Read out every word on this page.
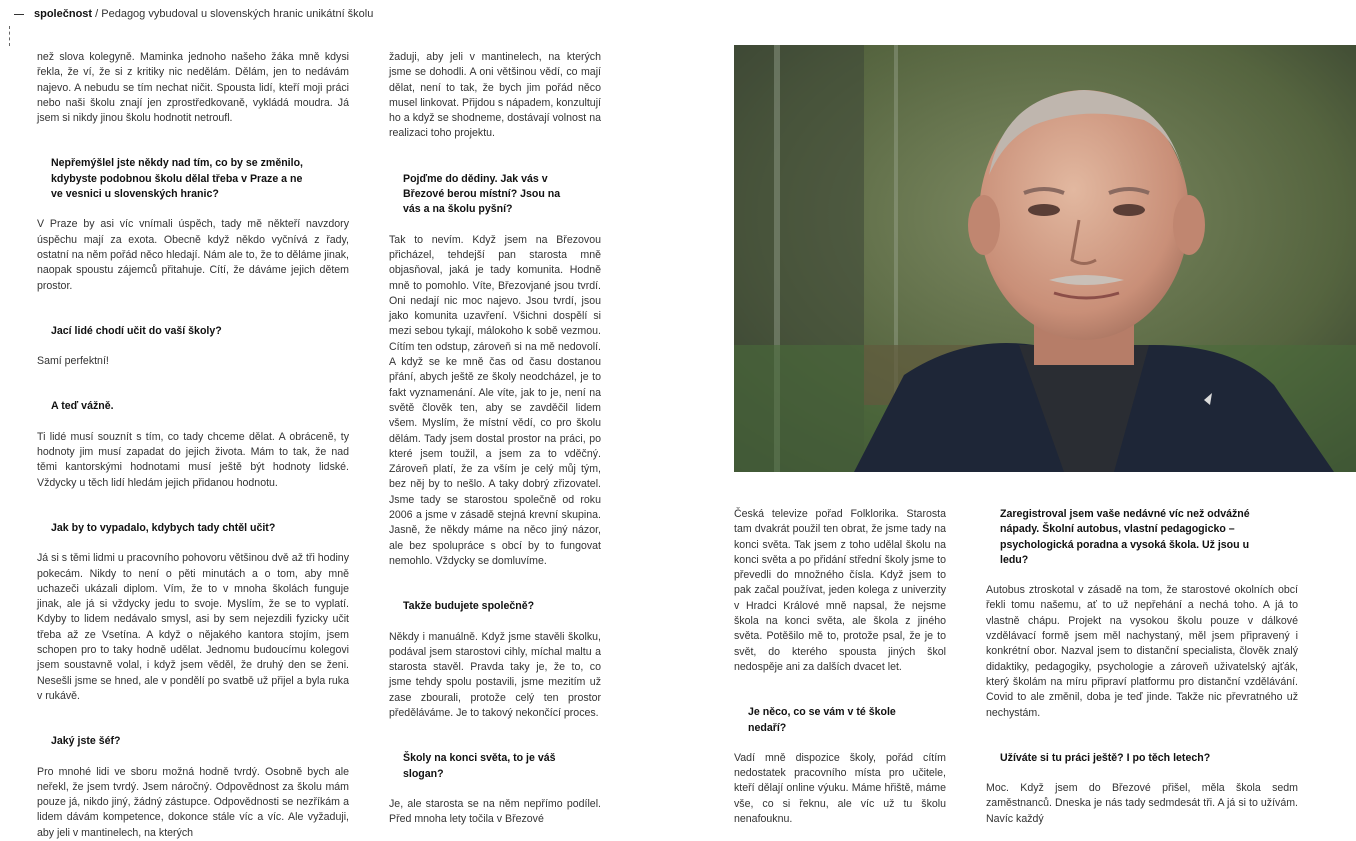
společnost / Pedagog vybudoval u slovenských hranic unikátní školu

než slova kolegyně. Maminka jednoho našeho žáka mně kdysi řekla, že ví, že si z kritiky nic nedělám. Dělám, jen to nedávám najevo. A nebudu se tím nechat ničit. Spousta lidí, kteří moji práci nebo naši školu znají jen zprostředkovaně, vykládá moudra. Já jsem si nikdy jinou školu hodnotit netroufl.

Nepřemýšlel jste někdy nad tím, co by se změnilo, kdybyste podobnou školu dělal třeba v Praze a ne ve vesnici u slovenských hranic?

V Praze by asi víc vnímali úspěch, tady mě někteří navzdory úspěchu mají za exota. Obecně když někdo vyčnívá z řady, ostatní na něm pořád něco hledají. Nám ale to, že to děláme jinak, naopak spoustu zájemců přitahuje. Cítí, že dáváme jejich dětem prostor.

Jací lidé chodí učit do vaší školy?

Samí perfektní!

A teď vážně.

Ti lidé musí souznít s tím, co tady chceme dělat. A obráceně, ty hodnoty jim musí zapadat do jejich života. Mám to tak, že nad těmi kantorskými hodnotami musí ještě být hodnoty lidské. Vždycky u těch lidí hledám jejich přidanou hodnotu.

Jak by to vypadalo, kdybych tady chtěl učit?

Já si s těmi lidmi u pracovního pohovoru většinou dvě až tři hodiny pokecám. Nikdy to není o pěti minutách a o tom, aby mně uchazeči ukázali diplom. Vím, že to v mnoha školách funguje jinak, ale já si vždycky jedu to svoje. Myslím, že se to vyplatí. Kdyby to lidem nedávalo smysl, asi by sem nejezdili fyzicky učit třeba až ze Vsetína. A když o nějakého kantora stojím, jsem schopen pro to taky hodně udělat. Jednomu budoucímu kolegovi jsem soustavně volal, i když jsem věděl, že druhý den se ženi. Nesešli jsme se hned, ale v pondělí po svatbě už přijel a byla ruka v rukávě.

Jaký jste šéf?

Pro mnohé lidi ve sboru možná hodně tvrdý. Osobně bych ale neřekl, že jsem tvrdý. Jsem náročný. Odpovědnost za školu mám pouze já, nikdo jiný, žádný zástupce. Odpovědnosti se nezříkám a lidem dávám kompetence, dokonce stále víc a víc. Ale vyžaduji, aby jeli v mantinelech, na kterých

žaduji, aby jeli v mantinelech, na kterých jsme se dohodli. A oni většinou vědí, co mají dělat, není to tak, že bych jim pořád něco musel linkovat. Přijdou s nápadem, konzultují ho a když se shodneme, dostávají volnost na realizaci toho projektu.

Pojďme do dědiny. Jak vás v Březové berou místní? Jsou na vás a na školu pyšní?

Tak to nevím. Když jsem na Březovou přicházel, tehdejší pan starosta mně objasňoval, jaká je tady komunita. Hodně mně to pomohlo. Víte, Březovjané jsou tvrdí. Oni nedají nic moc najevo. Jsou tvrdí, jsou jako komunita uzavření. Všichni dospělí si mezi sebou tykají, málokoho k sobě vezmou. Cítím ten odstup, zároveň si na mě nedovolí. A když se ke mně čas od času dostanou přání, abych ještě ze školy neodcházel, je to fakt vyznamenání. Ale víte, jak to je, není na světě člověk ten, aby se zavděčil lidem všem. Myslím, že místní vědí, co pro školu dělám. Tady jsem dostal prostor na práci, po které jsem toužil, a jsem za to vděčný. Zároveň platí, že za vším je celý můj tým, bez něj by to nešlo. A taky dobrý zřizovatel. Jsme tady se starostou společně od roku 2006 a jsme v zásadě stejná krevní skupina. Jasně, že někdy máme na něco jiný názor, ale bez spolupráce s obcí by to fungovat nemohlo. Vždycky se domluvíme.

Takže budujete společně?

Někdy i manuálně. Když jsme stavěli školku, podával jsem starostovi cihly, míchal maltu a starosta stavěl. Pravda taky je, že to, co jsme tehdy spolu postavili, jsme mezitím už zase zbourali, protože celý ten prostor předěláváme. Je to takový nekončící proces.

Školy na konci světa, to je váš slogan?

Je, ale starosta se na něm nepřímo podílel. Před mnoha lety točila v Březové

Česká televize pořad Folklorika. Starosta tam dvakrát použil ten obrat, že jsme tady na konci světa. Tak jsem z toho udělal školu na konci světa a po přidání střední školy jsme to převedli do množného čísla. Když jsem to pak začal používat, jeden kolega z univerzity v Hradci Králové mně napsal, že nejsme škola na konci světa, ale škola z jiného světa. Potěšilo mě to, protože psal, že je to svět, do kterého spousta jiných škol nedospěje ani za dalších dvacet let.

Je něco, co se vám v té škole nedaří?

Vadí mně dispozice školy, pořád cítím nedostatek pracovního místa pro učitele, kteří dělají online výuku. Máme hřiště, máme vše, co si řeknu, ale víc už tu školu nenafouknu.

Zaregistroval jsem vaše nedávné víc než odvážné nápady. Školní autobus, vlastní pedagogicko – psychologická poradna a vysoká škola. Už jsou u ledu?

Autobus ztroskotal v zásadě na tom, že starostové okolních obcí řekli tomu našemu, ať to už nepřehání a nechá toho. A já to vlastně chápu. Projekt na vysokou školu pouze v dálkové vzdělávací formě jsem měl nachystaný, měl jsem připravený i konkrétní obor. Nazval jsem to distanční specialista, člověk znalý didaktiky, pedagogiky, psychologie a zároveň uživatelský ajťák, který školám na míru připraví platformu pro distanční vzdělávání. Covid to ale změnil, doba je teď jinde. Takže nic převratného už nechystám.

Užíváte si tu práci ještě? I po těch letech?

Moc. Když jsem do Březové přišel, měla škola sedm zaměstnanců. Dneska je nás tady sedmdesát tři. A já si to užívám. Navíc každý
